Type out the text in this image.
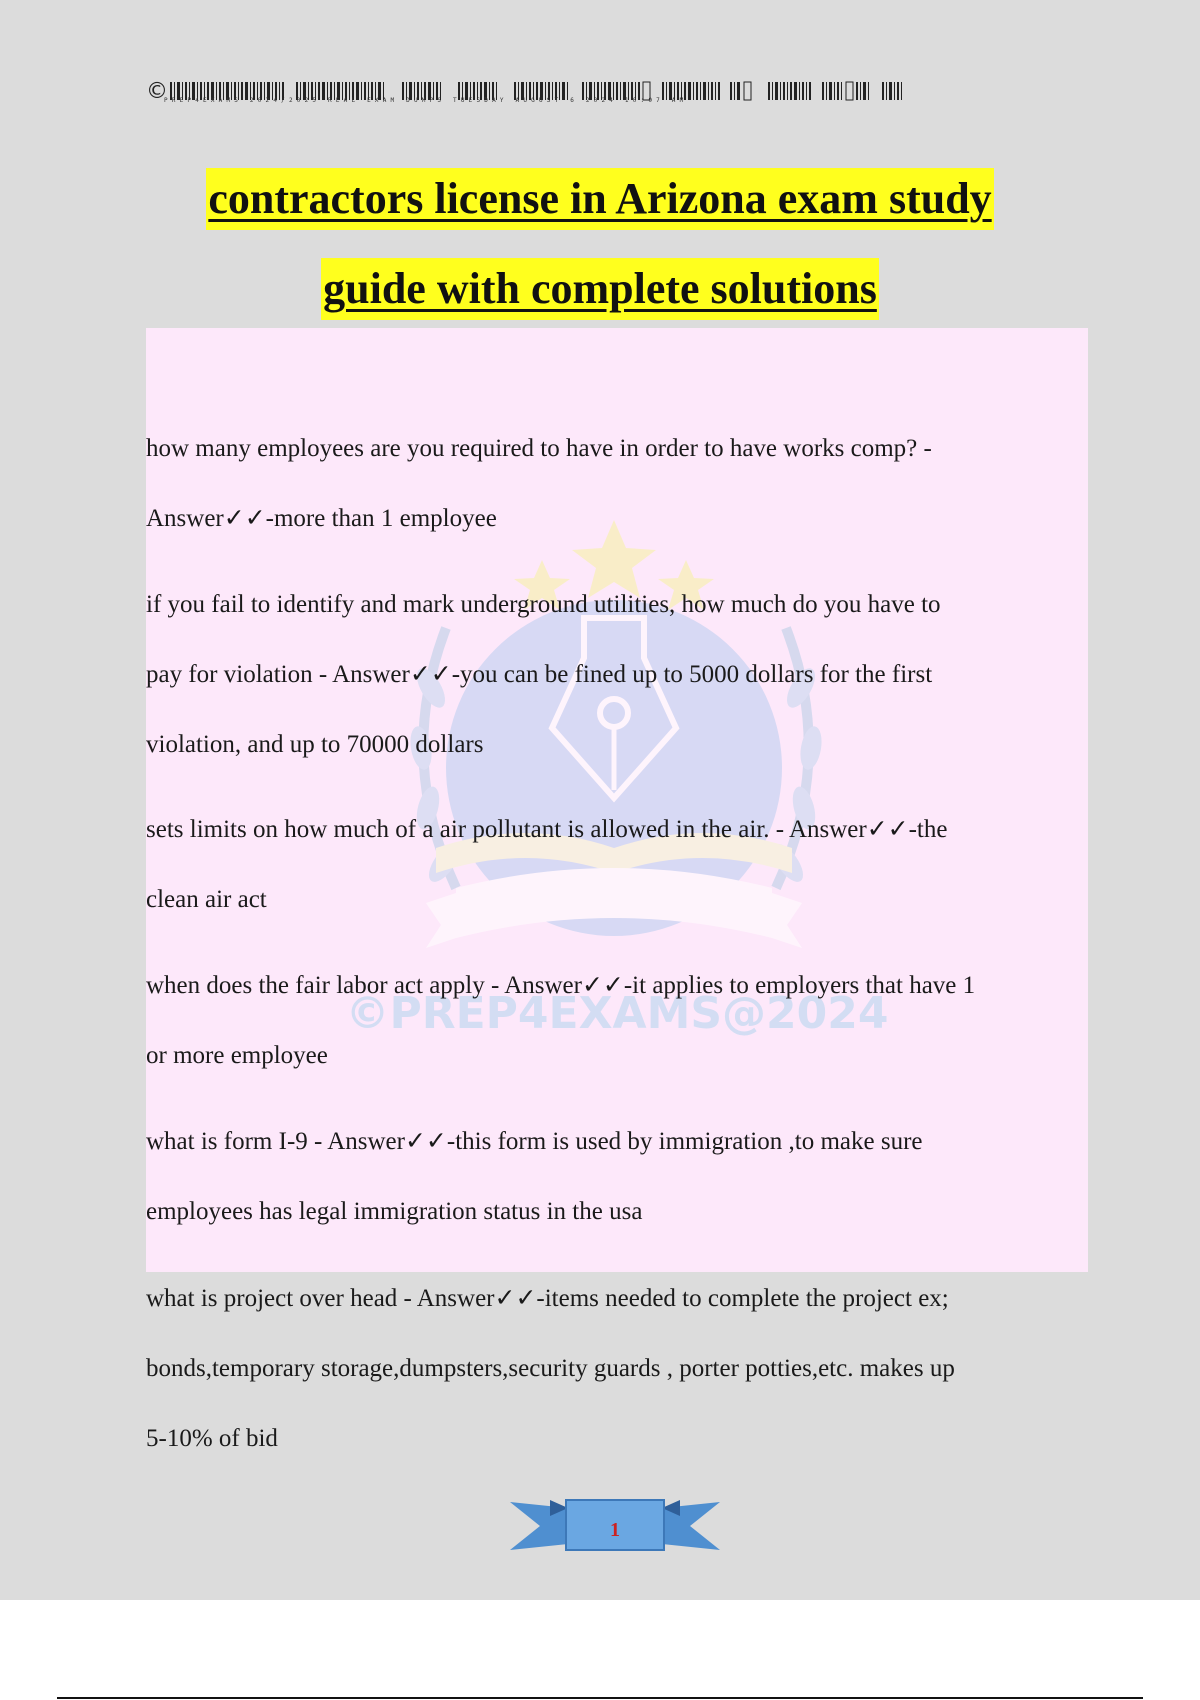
©
PREP4EXAMS 2024/2025 REAL EXAM DUMPS TUESDAY AUGUST 6 2024 10:07 AM
contractors license in Arizona exam study
guide with complete solutions
©PREP4EXAMS@2024

how many employees are you required to have in order to have works comp? -
Answer✓✓-more than 1 employee

if you fail to identify and mark underground utilities, how much do you have to
pay for violation - Answer✓✓-you can be fined up to 5000 dollars for the first
violation, and up to 70000 dollars

sets limits on how much of a air pollutant is allowed in the air. - Answer✓✓-the
clean air act

when does the fair labor act apply - Answer✓✓-it applies to employers that have 1
or more employee

what is form I-9 - Answer✓✓-this form is used by immigration ,to make sure
employees has legal immigration status in the usa

what is project over head - Answer✓✓-items needed to complete the project ex;
bonds,temporary storage,dumpsters,security guards , porter potties,etc. makes up
5-10% of bid

1
